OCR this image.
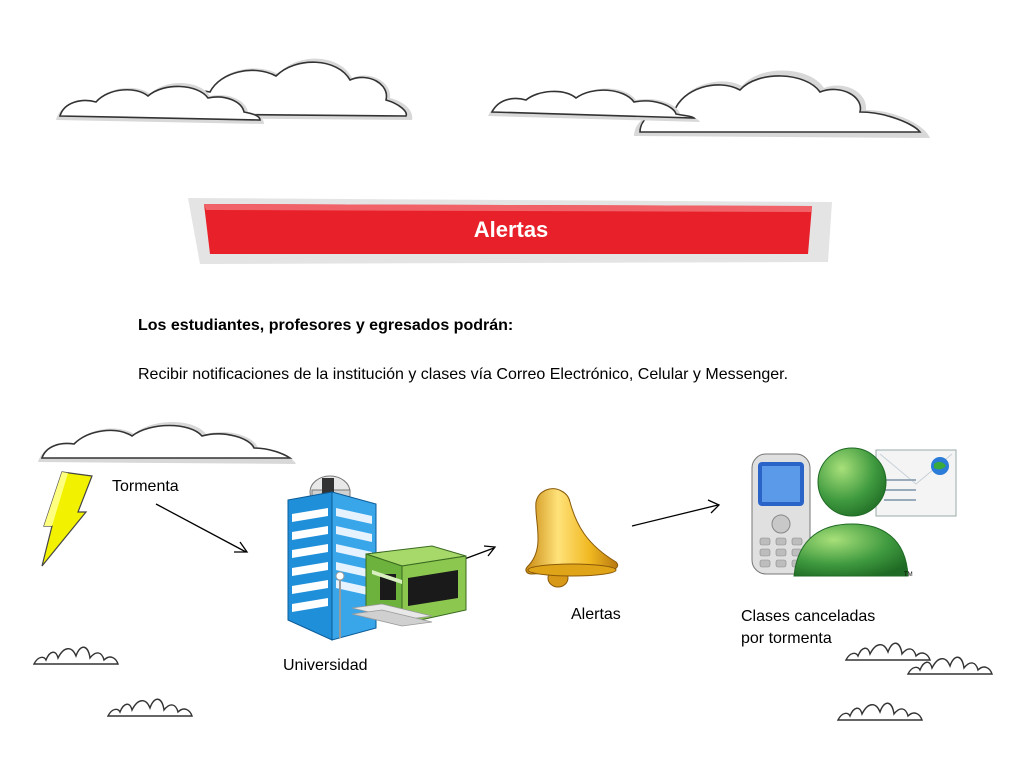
Alertas
Los estudiantes, profesores y egresados podrán:
Recibir notificaciones de la institución y clases vía Correo Electrónico, Celular y Messenger.
Tormenta
Universidad
Alertas
TM
Clases canceladas
por tormenta
